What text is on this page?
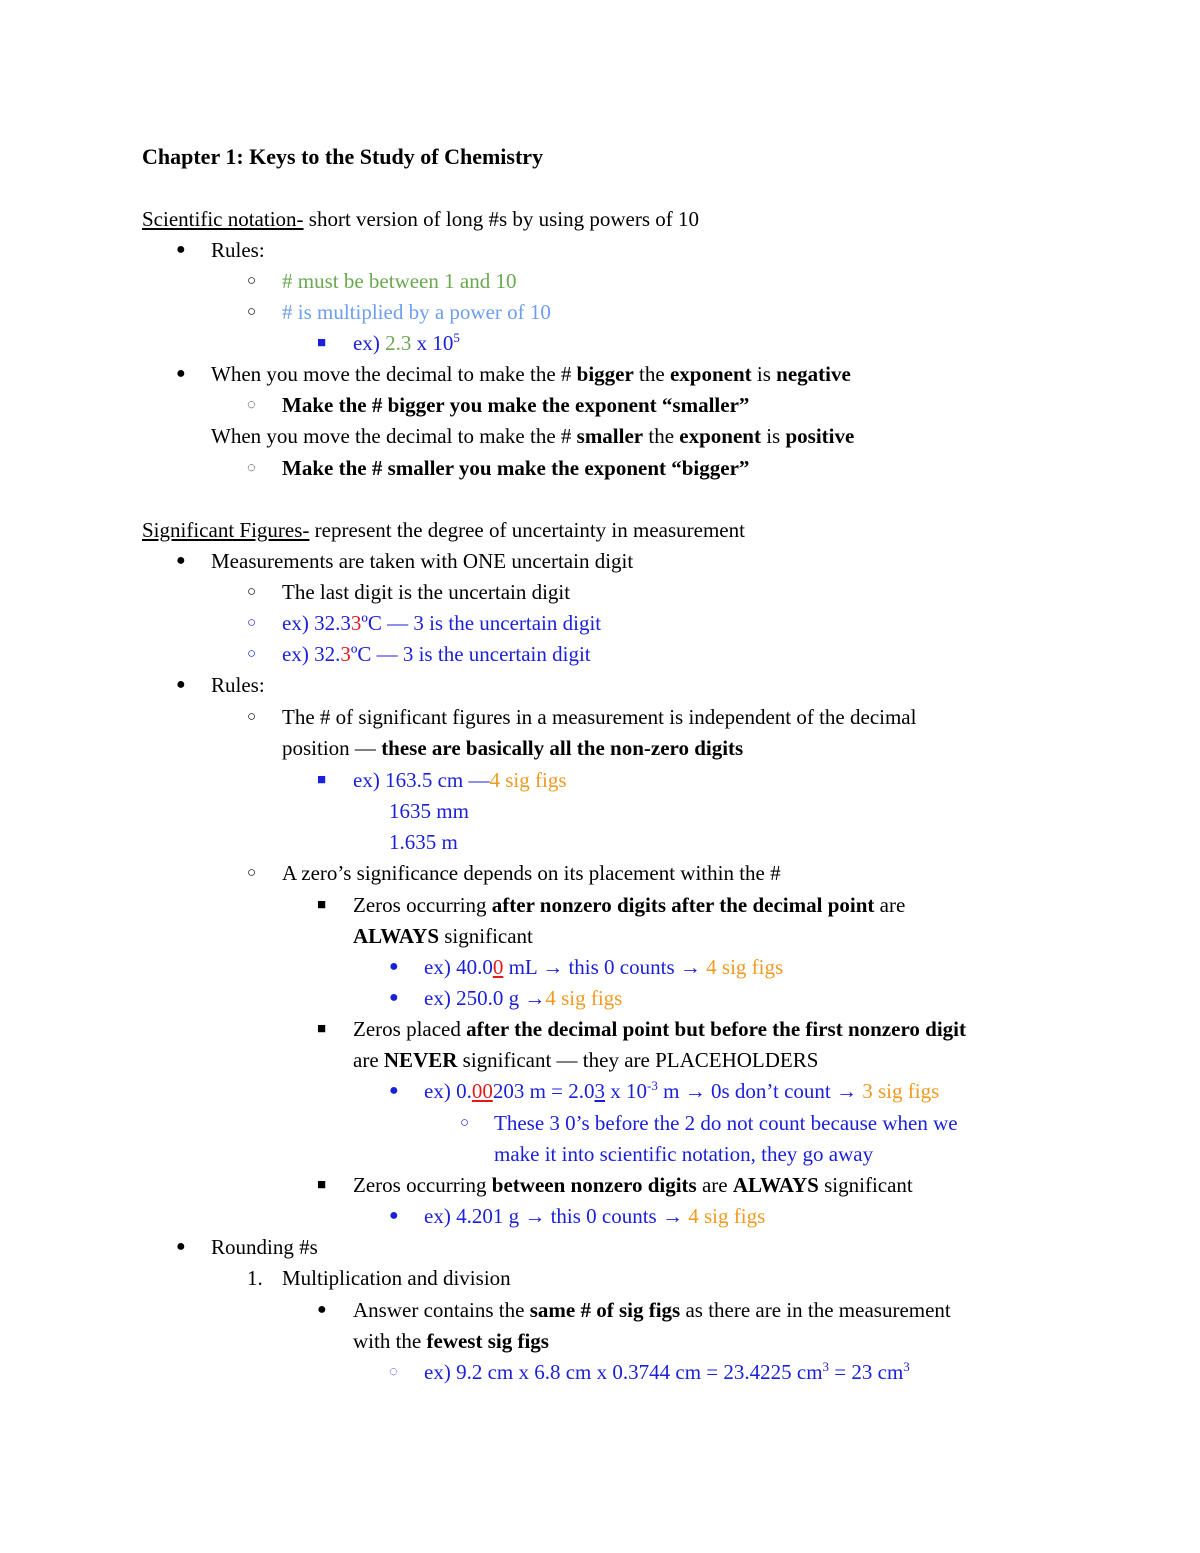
Chapter 1: Keys to the Study of Chemistry
Scientific notation- short version of long #s by using powers of 10
● Rules:
○ # must be between 1 and 10
○ # is multiplied by a power of 10
■ ex) 2.3 x $10^5$
● When you move the decimal to make the # bigger the exponent is negative
◌ Make the # bigger you make the exponent “smaller”
When you move the decimal to make the # smaller the exponent is positive
◌ Make the # smaller you make the exponent “bigger”
Significant Figures- represent the degree of uncertainty in measurement
● Measurements are taken with ONE uncertain digit
○ The last digit is the uncertain digit
○ ex) 32.33ºC — 3 is the uncertain digit
○ ex) 32.3ºC — 3 is the uncertain digit
● Rules:
○ The # of significant figures in a measurement is independent of the decimal
position — these are basically all the non-zero digits
■ ex) 163.5 cm —4 sig figs
1635 mm
1.635 m
○ A zero’s significance depends on its placement within the #
■ Zeros occurring after nonzero digits after the decimal point are
ALWAYS significant
● ex) 40.00 mL → this 0 counts → 4 sig figs
● ex) 250.0 g →4 sig figs
■ Zeros placed after the decimal point but before the first nonzero digit
are NEVER significant — they are PLACEHOLDERS
● ex) 0.00203 m = 2.03 x $10^{-3}$ m → 0s don’t count → 3 sig figs
○ These 3 0’s before the 2 do not count because when we
make it into scientific notation, they go away
■ Zeros occurring between nonzero digits are ALWAYS significant
● ex) 4.201 g → this 0 counts → 4 sig figs
● Rounding #s
1. Multiplication and division
● Answer contains the same # of sig figs as there are in the measurement
with the fewest sig figs
◌ ex) 9.2 cm x 6.8 cm x 0.3744 cm = 23.4225 $cm^3 = 23$ $cm^3$
